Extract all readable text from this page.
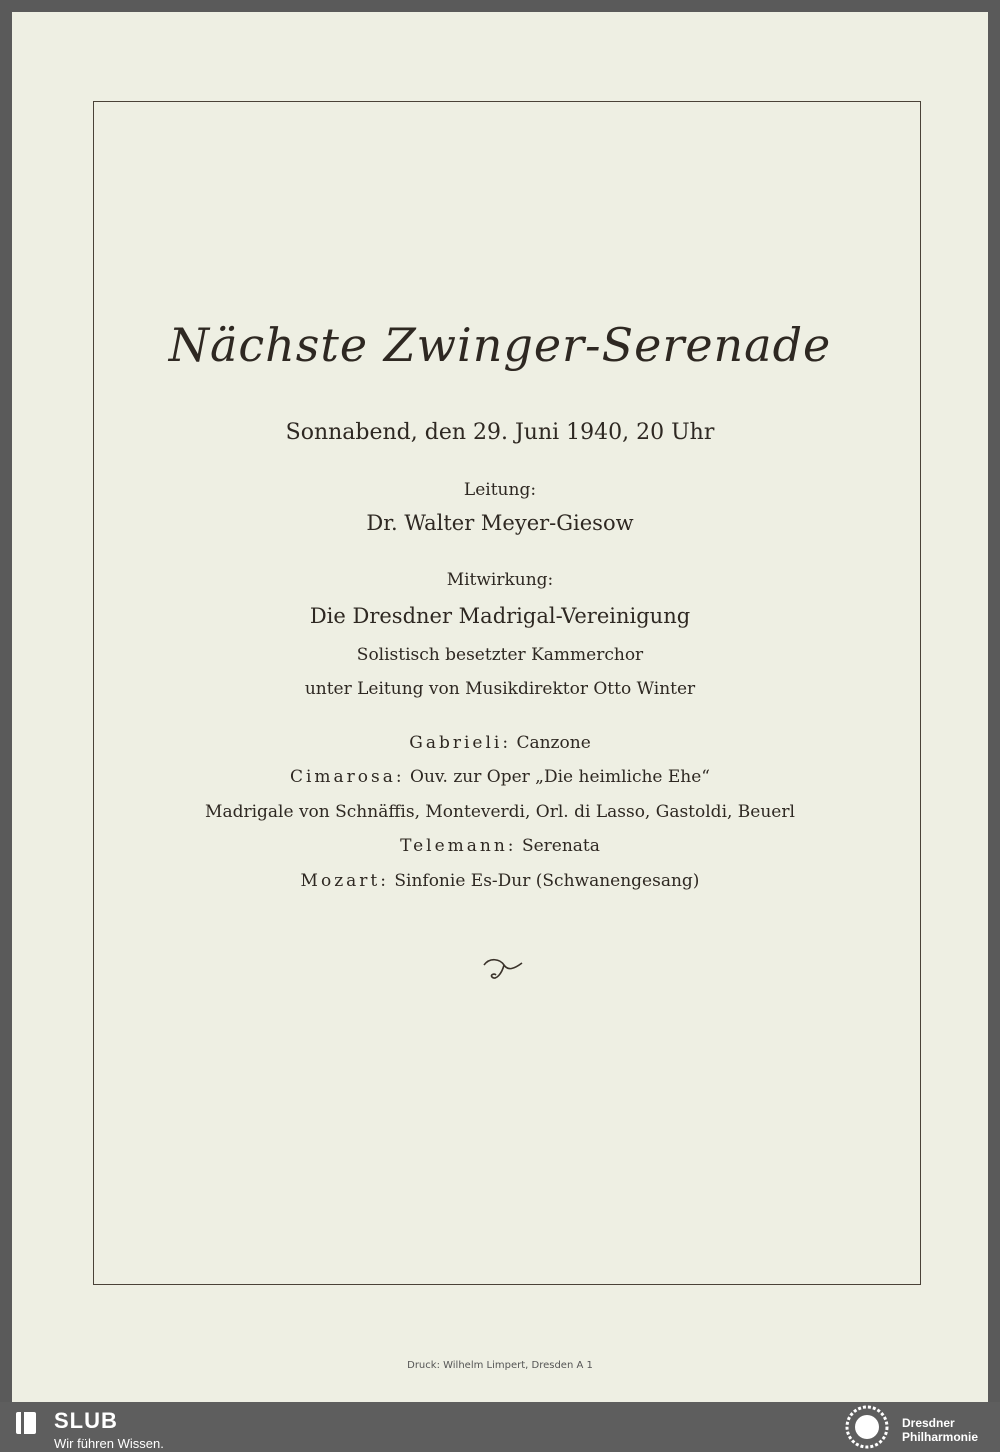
Nächste Zwinger-Serenade
Sonnabend, den 29. Juni 1940, 20 Uhr
Leitung:
Dr. Walter Meyer-Giesow
Mitwirkung:
Die Dresdner Madrigal-Vereinigung
Solistisch besetzter Kammerchor
unter Leitung von Musikdirektor Otto Winter
Gabrieli: Canzone
Cimarosa: Ouv. zur Oper „Die heimliche Ehe“
Madrigale von Schnäffis, Monteverdi, Orl. di Lasso, Gastoldi, Beuerl
Telemann: Serenata
Mozart: Sinfonie Es-Dur (Schwanengesang)
Druck: Wilhelm Limpert, Dresden A 1
SLUB
Wir führen Wissen.
Dresdner
Philharmonie
